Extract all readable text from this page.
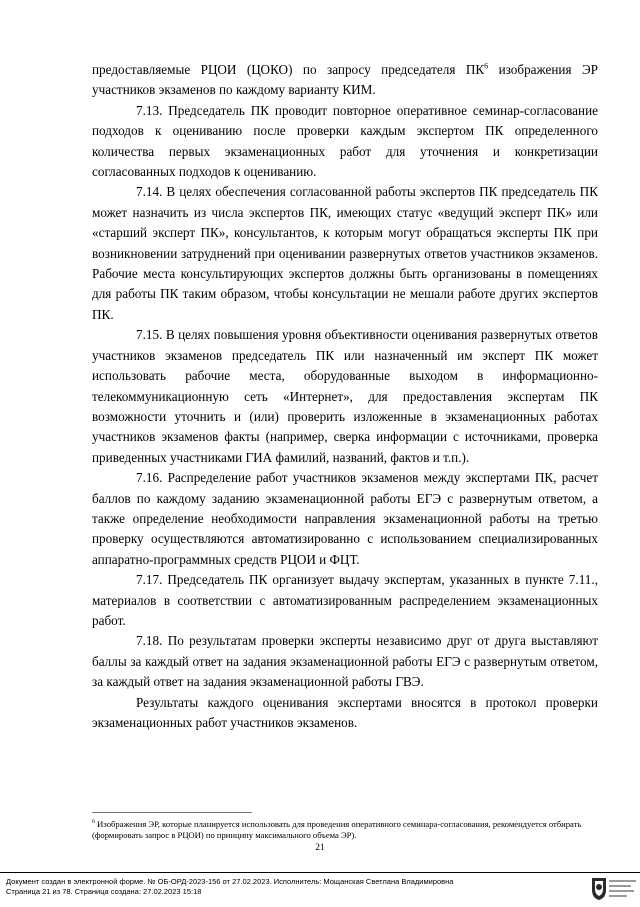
предоставляемые РЦОИ (ЦОКО) по запросу председателя ПК$^6$ изображения ЭР участников экзаменов по каждому варианту КИМ.

7.13. Председатель ПК проводит повторное оперативное семинар-согласование подходов к оцениванию после проверки каждым экспертом ПК определенного количества первых экзаменационных работ для уточнения и конкретизации согласованных подходов к оцениванию.

7.14. В целях обеспечения согласованной работы экспертов ПК председатель ПК может назначить из числа экспертов ПК, имеющих статус «ведущий эксперт ПК» или «старший эксперт ПК», консультантов, к которым могут обращаться эксперты ПК при возникновении затруднений при оценивании развернутых ответов участников экзаменов. Рабочие места консультирующих экспертов должны быть организованы в помещениях для работы ПК таким образом, чтобы консультации не мешали работе других экспертов ПК.

7.15. В целях повышения уровня объективности оценивания развернутых ответов участников экзаменов председатель ПК или назначенный им эксперт ПК может использовать рабочие места, оборудованные выходом в информационно-телекоммуникационную сеть «Интернет», для предоставления экспертам ПК возможности уточнить и (или) проверить изложенные в экзаменационных работах участников экзаменов факты (например, сверка информации с источниками, проверка приведенных участниками ГИА фамилий, названий, фактов и т.п.).

7.16. Распределение работ участников экзаменов между экспертами ПК, расчет баллов по каждому заданию экзаменационной работы ЕГЭ с развернутым ответом, а также определение необходимости направления экзаменационной работы на третью проверку осуществляются автоматизированно с использованием специализированных аппаратно-программных средств РЦОИ и ФЦТ.

7.17. Председатель ПК организует выдачу экспертам, указанных в пункте 7.11., материалов в соответствии с автоматизированным распределением экзаменационных работ.

7.18. По результатам проверки эксперты независимо друг от друга выставляют баллы за каждый ответ на задания экзаменационной работы ЕГЭ с развернутым ответом, за каждый ответ на задания экзаменационной работы ГВЭ.

Результаты каждого оценивания экспертами вносятся в протокол проверки экзаменационных работ участников экзаменов.

$^6$ Изображения ЭР, которые планируется использовать для проведения оперативного семинара-согласования, рекомендуется отбирать (формировать запрос в РЦОИ) по принципу максимального объема ЭР).
21
Документ создан в электронной форме. № ОБ-ОРД-2023-156 от 27.02.2023. Исполнитель: Мощанская Светлана Владимировна
Страница 21 из 78. Страница создана: 27.02.2023 15:18
